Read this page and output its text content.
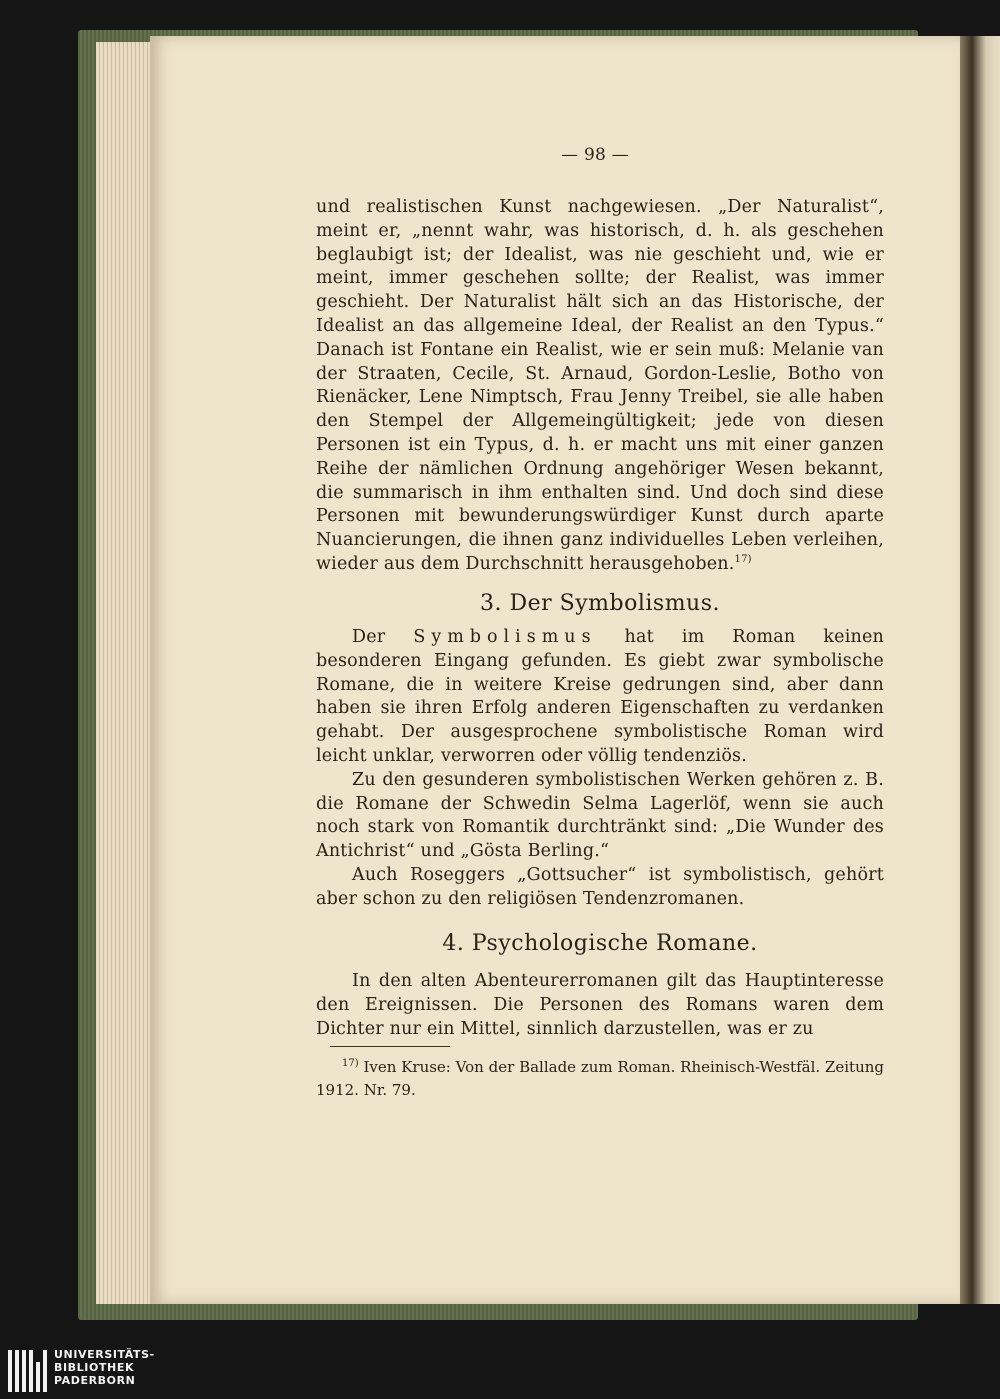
— 98 —

und realistischen Kunst nachgewiesen. „Der Naturalist“, meint er, „nennt wahr, was historisch, d. h. als geschehen beglaubigt ist; der Idealist, was nie geschieht und, wie er meint, immer geschehen sollte; der Realist, was immer geschieht. Der Naturalist hält sich an das Historische, der Idealist an das allgemeine Ideal, der Realist an den Typus.“ Danach ist Fontane ein Realist, wie er sein muß: Melanie van der Straaten, Cecile, St. Arnaud, Gordon-Leslie, Botho von Rienäcker, Lene Nimptsch, Frau Jenny Treibel, sie alle haben den Stempel der Allgemeingültigkeit; jede von diesen Personen ist ein Typus, d. h. er macht uns mit einer ganzen Reihe der nämlichen Ordnung angehöriger Wesen bekannt, die summarisch in ihm enthalten sind. Und doch sind diese Personen mit bewunderungswürdiger Kunst durch aparte Nuancierungen, die ihnen ganz individuelles Leben verleihen, wieder aus dem Durchschnitt herausgehoben.$^{17)}$

3. Der Symbolismus.

Der Symbolismus hat im Roman keinen besonderen Eingang gefunden. Es giebt zwar symbolische Romane, die in weitere Kreise gedrungen sind, aber dann haben sie ihren Erfolg anderen Eigenschaften zu verdanken gehabt. Der ausgesprochene symbolistische Roman wird leicht unklar, verworren oder völlig tendenziös.

Zu den gesunderen symbolistischen Werken gehören z. B. die Romane der Schwedin Selma Lagerlöf, wenn sie auch noch stark von Romantik durchtränkt sind: „Die Wunder des Antichrist“ und „Gösta Berling.“

Auch Roseggers „Gottsucher“ ist symbolistisch, gehört aber schon zu den religiösen Tendenzromanen.

4. Psychologische Romane.

In den alten Abenteurerromanen gilt das Hauptinteresse den Ereignissen. Die Personen des Romans waren dem Dichter nur ein Mittel, sinnlich darzustellen, was er zu

$^{17)}$ Iven Kruse: Von der Ballade zum Roman. Rheinisch-Westfäl. Zeitung 1912. Nr. 79.

UNIVERSITÄTS-
BIBLIOTHEK
PADERBORN
